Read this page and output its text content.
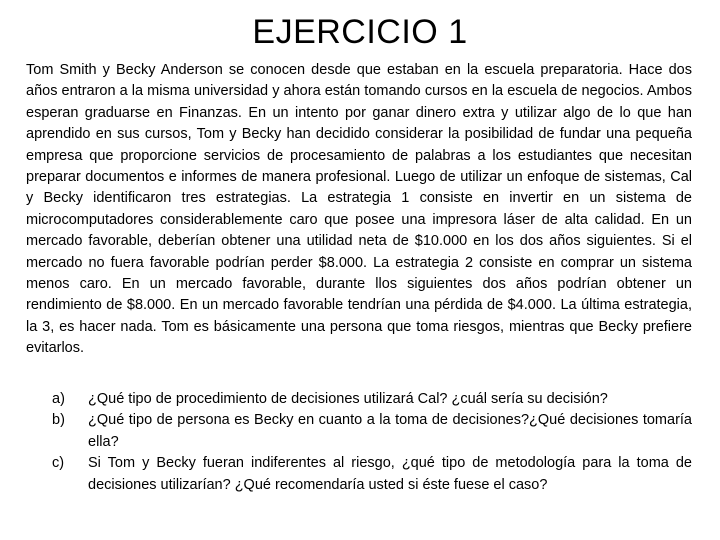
EJERCICIO 1

Tom Smith y Becky Anderson se conocen desde que estaban en la escuela preparatoria. Hace dos años entraron a la misma universidad y ahora están tomando cursos en la escuela de negocios. Ambos esperan graduarse en Finanzas. En un intento por ganar dinero extra y utilizar algo de lo que han aprendido en sus cursos, Tom y Becky han decidido considerar la posibilidad de fundar una pequeña empresa que proporcione servicios de procesamiento de palabras a los estudiantes que necesitan preparar documentos e informes de manera profesional. Luego de utilizar un enfoque de sistemas, Cal y Becky identificaron tres estrategias. La estrategia 1 consiste en invertir en un sistema de microcomputadores considerablemente caro que posee una impresora láser de alta calidad. En un mercado favorable, deberían obtener una utilidad neta de $10.000 en los dos años siguientes. Si el mercado no fuera favorable podrían perder $8.000. La estrategia 2 consiste en comprar un sistema menos caro. En un mercado favorable, durante llos siguientes dos años podrían obtener un rendimiento de $8.000. En un mercado favorable tendrían una pérdida de $4.000. La última estrategia, la 3, es hacer nada. Tom es básicamente una persona que toma riesgos, mientras que Becky prefiere evitarlos.

a) ¿Qué tipo de procedimiento de decisiones utilizará Cal? ¿cuál sería su decisión?
b) ¿Qué tipo de persona es Becky en cuanto a la toma de decisiones?¿Qué decisiones tomaría ella?
c) Si Tom y Becky fueran indiferentes al riesgo, ¿qué tipo de metodología para la toma de decisiones utilizarían? ¿Qué recomendaría usted si éste fuese el caso?
